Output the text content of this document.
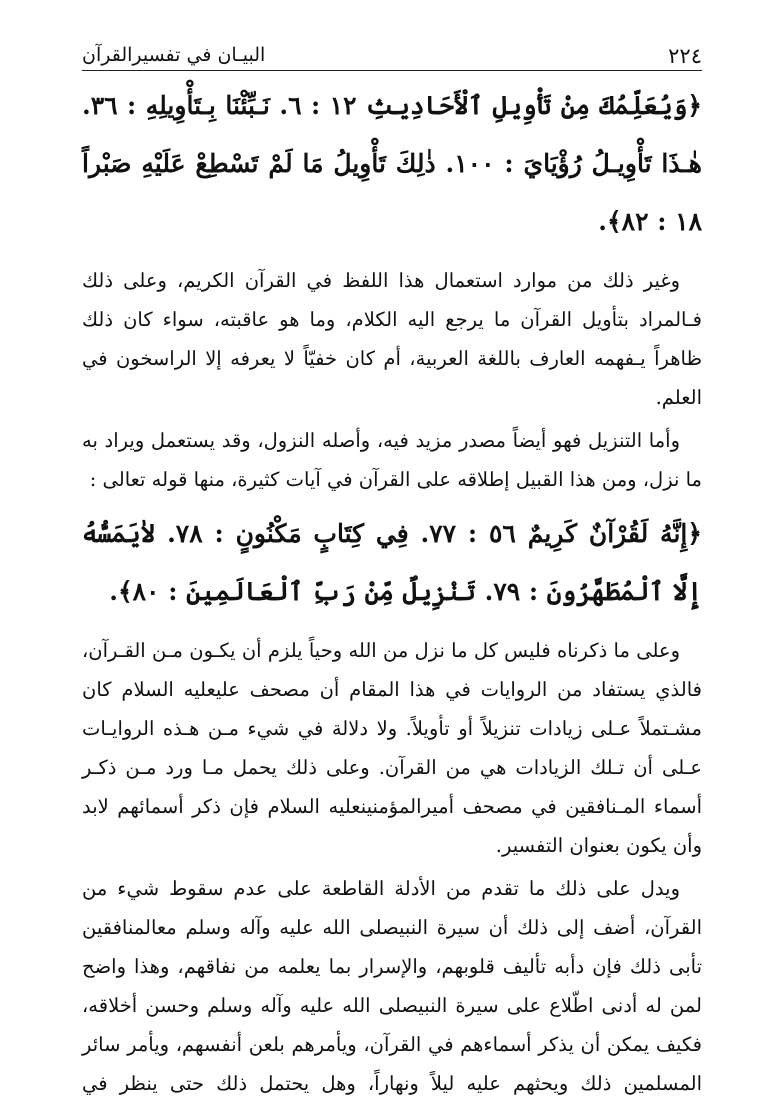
٢٢٤
البيـان في تفسيرالقرآن
﴿وَيُعَلِّمُكَ مِنْ تَأْوِيلِ ٱلْأَحَادِيثِ ١٢ : ٦. نَـبِّئْنَا بِـتَأْوِيلِهِ : ٣٦. هٰـذَا تَأْوِيـلُ رُؤْيَايَ : ١٠٠. ذٰلِكَ تَأْوِيلُ مَا لَمْ تَسْطِعْ عَلَيْهِ صَبْراً ١٨ : ٨٢﴾.
وغير ذلك من موارد استعمال هذا اللفظ في القرآن الكريم، وعلى ذلك فـالمراد بتأويل القرآن ما يرجع اليه الكلام، وما هو عاقبته، سواء كان ذلك ظاهراً يـفهمه العارف باللغة العربية، أم كان خفيّاً لا يعرفه إلا الراسخون في العلم.
وأما التنزيل فهو أيضاً مصدر مزيد فيه، وأصله النزول، وقد يستعمل ويراد به ما نزل، ومن هذا القبيل إطلاقه على القرآن في آيات كثيرة، منها قوله تعالى :
﴿إِنَّهُ لَقُرْآنٌ كَرِيمٌ ٥٦ : ٧٧. فِي كِتَابٍ مَكْنُونٍ : ٧٨. لاٰيَمَسُّهُ إِلَّا ٱلْمُطَهَّرُونَ : ٧٩. تَنْزِيلٌ مِّنْ رَبِّ ٱلْعَالَمِينَ : ٨٠﴾.
وعلى ما ذكرناه فليس كل ما نزل من الله وحياً يلزم أن يكـون مـن القـرآن، فالذي يستفاد من الروايات في هذا المقام أن مصحف عليعليه السلام كان مشـتملاً عـلى زيادات تنزيلاً أو تأويلاً. ولا دلالة في شيء مـن هـذه الروايـات عـلى أن تـلك الزيادات هي من القرآن. وعلى ذلك يحمل مـا ورد مـن ذكـر أسماء المـنافقين في مصحف أميرالمؤمنينعليه السلام فإن ذكر أسمائهم لابد وأن يكون بعنوان التفسير.
ويدل على ذلك ما تقدم من الأدلة القاطعة على عدم سقوط شيء من القرآن، أضف إلى ذلك أن سيرة النبيصلى الله عليه وآله وسلم معالمنافقين تأبى ذلك فإن دأبه تأليف قلوبهم، والإسرار بما يعلمه من نفاقهم، وهذا واضح لمن له أدنى اطّلاع على سيرة النبيصلى الله عليه وآله وسلم وحسن أخلاقه، فكيف يمكن أن يذكر أسماءهم في القرآن، ويأمرهم بلعن أنفسهم، ويأمر سائر المسلمين ذلك ويحثهم عليه ليلاً ونهاراً، وهل يحتمل ذلك حتى ينظر في
